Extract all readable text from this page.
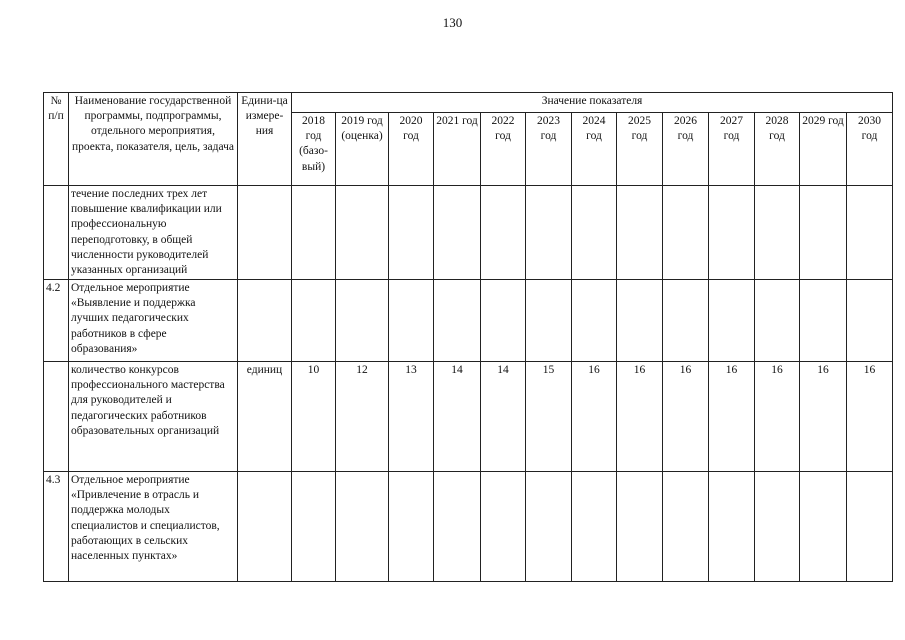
130
№ п/п	Наименование государственной программы, подпрограммы, отдельного мероприятия, проекта, показателя, цель, задача	Едини-ца измере-ния	Значение показателя												
			2018 год (базо-вый)	2019 год (оценка)	2020 год	2021 год	2022 год	2023 год	2024 год	2025 год	2026 год	2027 год	2028 год	2029 год	2030 год
	течение последних трех лет повышение квалификации или профессиональную переподготовку, в общей численности руководителей указанных организаций														
4.2	Отдельное мероприятие «Выявление и поддержка лучших педагогических работников в сфере образования»														
	количество конкурсов профессионального мастерства для руководителей и педагогических работников образовательных организаций	единиц	10	12	13	14	14	15	16	16	16	16	16	16	16
4.3	Отдельное мероприятие «Привлечение в отрасль и поддержка молодых специалистов и специалистов, работающих в сельских населенных пунктах»														
